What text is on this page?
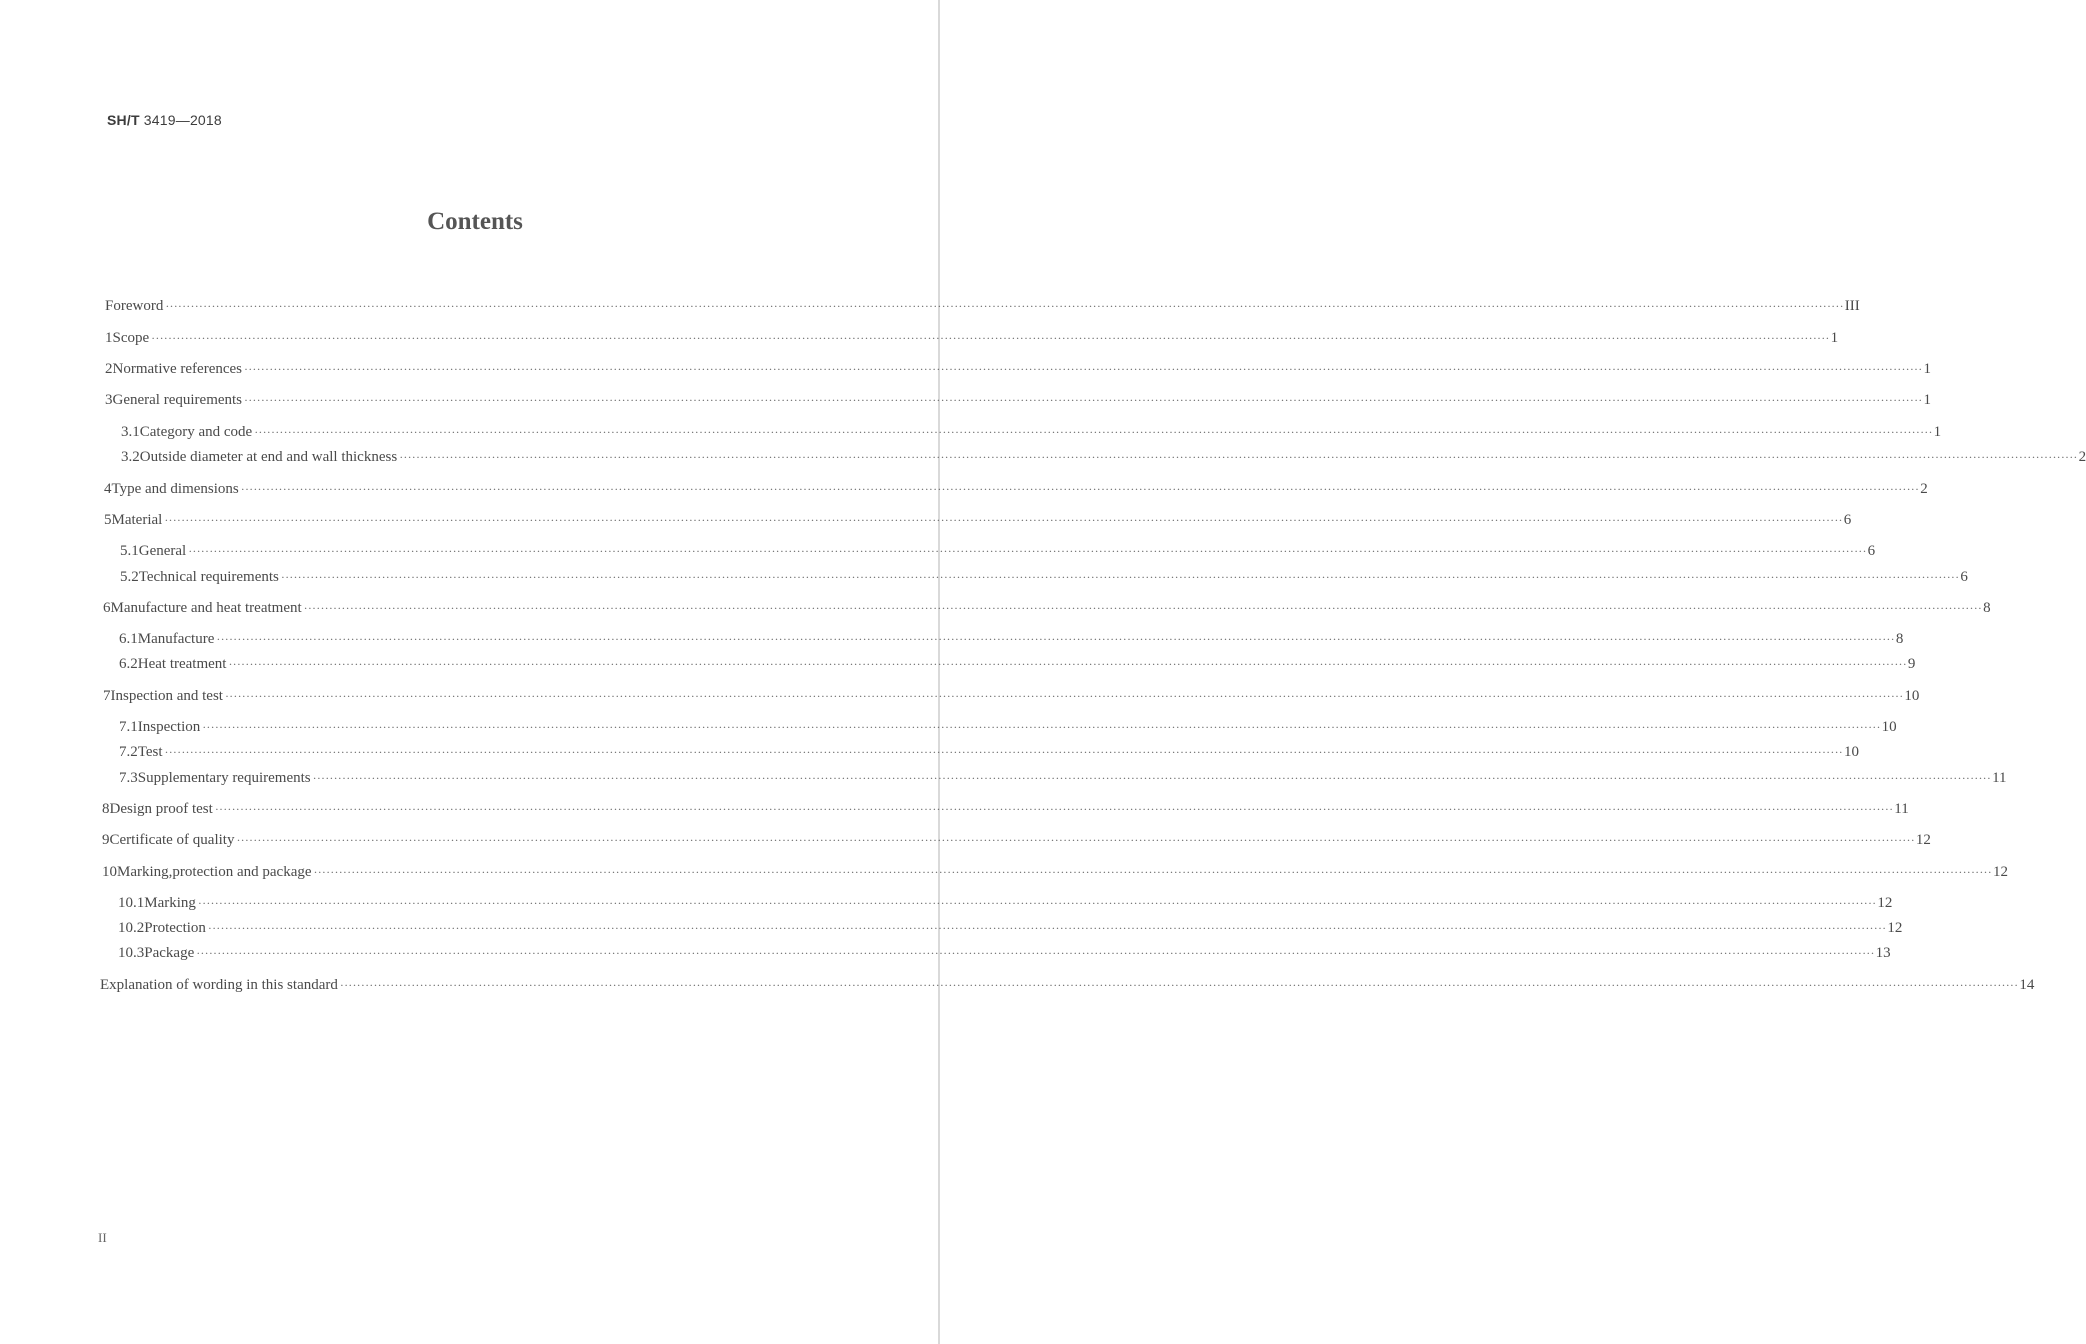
SH/T 3419—2018
Contents
Foreword ················································································································································································································································································································································································································ III
1 Scope ················································································································································································································································································································································································································ 1
2 Normative references ················································································································································································································································································································································································································ 1
3 General requirements ················································································································································································································································································································································································································ 1
3.1 Category and code ················································································································································································································································································································································································································ 1
3.2 Outside diameter at end and wall thickness ················································································································································································································································································································································································································ 2
4 Type and dimensions ················································································································································································································································································································································································································ 2
5 Material ················································································································································································································································································································································································································ 6
5.1 General ················································································································································································································································································································································································································ 6
5.2 Technical requirements ················································································································································································································································································································································································································ 6
6 Manufacture and heat treatment ················································································································································································································································································································································································································ 8
6.1 Manufacture ················································································································································································································································································································································································································ 8
6.2 Heat treatment ················································································································································································································································································································································································································ 9
7 Inspection and test ················································································································································································································································································································································································································ 10
7.1 Inspection ················································································································································································································································································································································································································ 10
7.2 Test ················································································································································································································································································································································································································ 10
7.3 Supplementary requirements ················································································································································································································································································································································································································ 11
8 Design proof test ················································································································································································································································································································································································································ 11
9 Certificate of quality ················································································································································································································································································································································································································ 12
10 Marking,protection and package ················································································································································································································································································································································································································ 12
10.1 Marking ················································································································································································································································································································································································································ 12
10.2 Protection ················································································································································································································································································································································································································ 12
10.3 Package ················································································································································································································································································································································································································ 13
Explanation of wording in this standard ················································································································································································································································································································································································································ 14
II
